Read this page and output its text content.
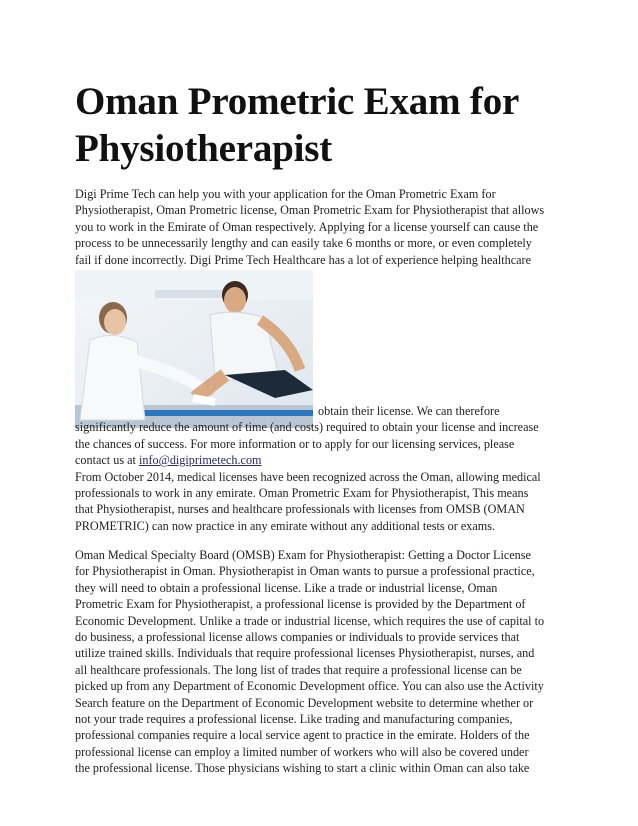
Oman Prometric Exam for
Physiotherapist
Digi Prime Tech can help you with your application for the Oman Prometric Exam for
Physiotherapist, Oman Prometric license, Oman Prometric Exam for Physiotherapist that allows
you to work in the Emirate of Oman respectively. Applying for a license yourself can cause the
process to be unnecessarily lengthy and can easily take 6 months or more, or even completely
fail if done incorrectly. Digi Prime Tech Healthcare has a lot of experience helping healthcare
obtain their license. We can therefore
significantly reduce the amount of time (and costs) required to obtain your license and increase
the chances of success. For more information or to apply for our licensing services, please
contact us at info@digiprimetech.com
From October 2014, medical licenses have been recognized across the Oman, allowing medical
professionals to work in any emirate. Oman Prometric Exam for Physiotherapist, This means
that Physiotherapist, nurses and healthcare professionals with licenses from OMSB (OMAN
PROMETRIC) can now practice in any emirate without any additional tests or exams.
Oman Medical Specialty Board (OMSB) Exam for Physiotherapist: Getting a Doctor License
for Physiotherapist in Oman. Physiotherapist in Oman wants to pursue a professional practice,
they will need to obtain a professional license. Like a trade or industrial license, Oman
Prometric Exam for Physiotherapist, a professional license is provided by the Department of
Economic Development. Unlike a trade or industrial license, which requires the use of capital to
do business, a professional license allows companies or individuals to provide services that
utilize trained skills. Individuals that require professional licenses Physiotherapist, nurses, and
all healthcare professionals. The long list of trades that require a professional license can be
picked up from any Department of Economic Development office. You can also use the Activity
Search feature on the Department of Economic Development website to determine whether or
not your trade requires a professional license. Like trading and manufacturing companies,
professional companies require a local service agent to practice in the emirate. Holders of the
professional license can employ a limited number of workers who will also be covered under
the professional license. Those physicians wishing to start a clinic within Oman can also take
